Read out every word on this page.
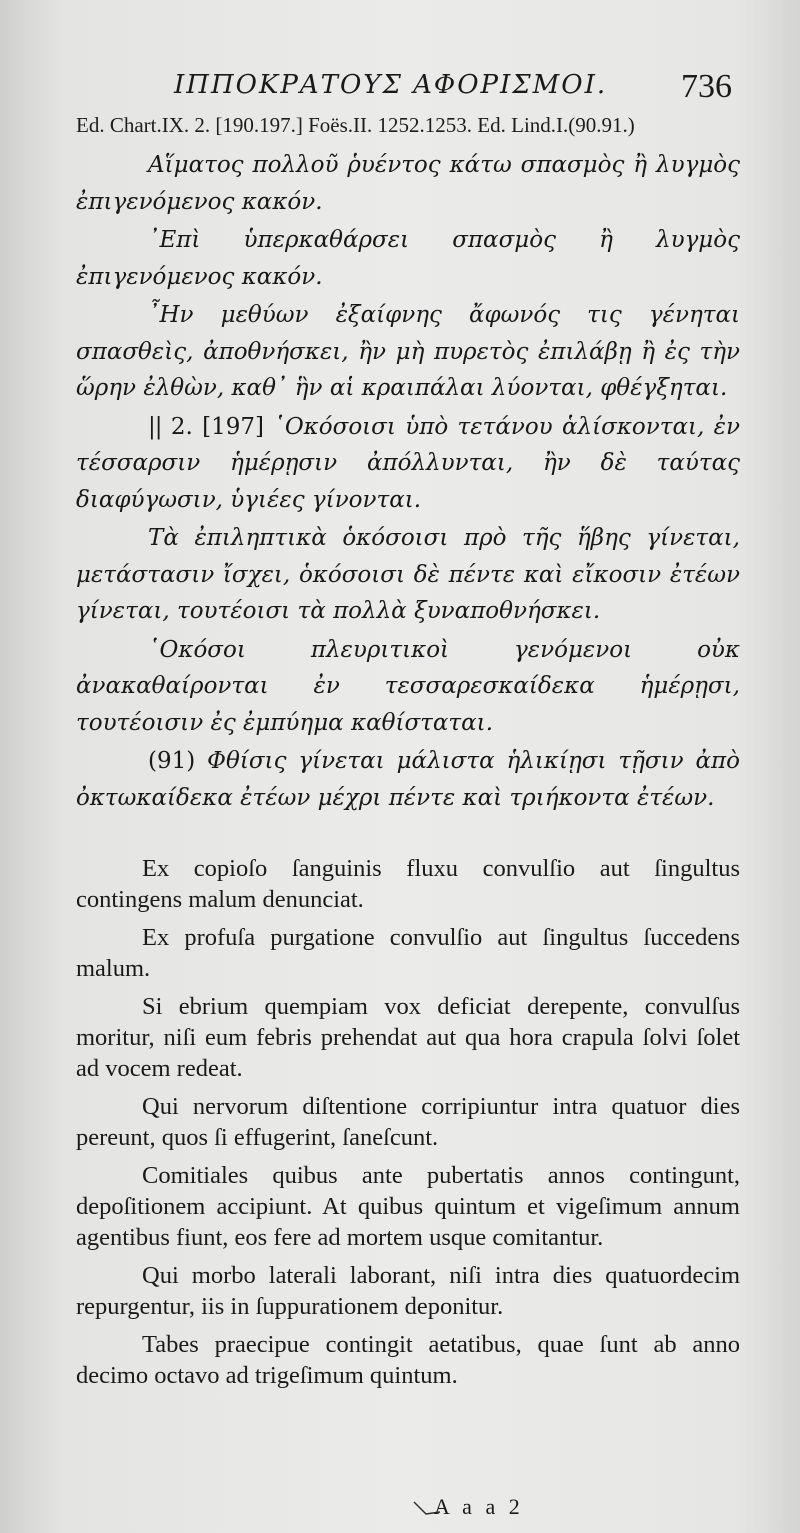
ΙΠΠΟΚΡΑΤΟΥΣ ΑΦΟΡΙΣΜΟΙ. 736
Ed. Chart.IX. 2. [190.197.] Foës.II. 1252.1253. Ed. Lind.I.(90.91.)

Αἵματος πολλοῦ ῥυέντος κάτω σπασμὸς ἢ λυγμὸς ἐπιγενόμενος κακόν.

᾿Επὶ ὑπερκαθάρσει σπασμὸς ἢ λυγμὸς ἐπιγενόμενος κακόν.

῏Ην μεθύων ἐξαίφνης ἄφωνός τις γένηται σπασθεὶς, ἀποθνήσκει, ἢν μὴ πυρετὸς ἐπιλάβῃ ἢ ἐς τὴν ὥρην ἐλθὼν, καθ᾿ ἣν αἱ κραιπάλαι λύονται, φθέγξηται.

|| 2. [197] ῾Οκόσοισι ὑπὸ τετάνου ἁλίσκονται, ἐν τέσσαρσιν ἡμέρῃσιν ἀπόλλυνται, ἢν δὲ ταύτας διαφύγωσιν, ὑγιέες γίνονται.

Τὰ ἐπιληπτικὰ ὁκόσοισι πρὸ τῆς ἥβης γίνεται, μετάστασιν ἴσχει, ὁκόσοισι δὲ πέντε καὶ εἴκοσιν ἐτέων γίνεται, τουτέοισι τὰ πολλὰ ξυναποθνήσκει.

῾Οκόσοι πλευριτικοὶ γενόμενοι οὐκ ἀνακαθαίρονται ἐν τεσσαρεσκαίδεκα ἡμέρῃσι, τουτέοισιν ἐς ἐμπύημα καθίσταται.

(91) Φθίσις γίνεται μάλιστα ἡλικίῃσι τῇσιν ἀπὸ ὀκτωκαίδεκα ἐτέων μέχρι πέντε καὶ τριήκοντα ἐτέων.

Ex copioſo ſanguinis fluxu convulſio aut ſingultus contingens malum denunciat.

Ex profuſa purgatione convulſio aut ſingultus ſuccedens malum.

Si ebrium quempiam vox deficiat derepente, convulſus moritur, niſi eum febris prehendat aut qua hora crapula ſolvi ſolet ad vocem redeat.

Qui nervorum diſtentione corripiuntur intra quatuor dies pereunt, quos ſi effugerint, ſaneſcunt.

Comitiales quibus ante pubertatis annos contingunt, depoſitionem accipiunt. At quibus quintum et vigeſimum annum agentibus fiunt, eos fere ad mortem usque comitantur.

Qui morbo laterali laborant, niſi intra dies quatuordecim repurgentur, iis in ſuppurationem deponitur.

Tabes praecipue contingit aetatibus, quae ſunt ab anno decimo octavo ad trigeſimum quintum.

A a a 2
